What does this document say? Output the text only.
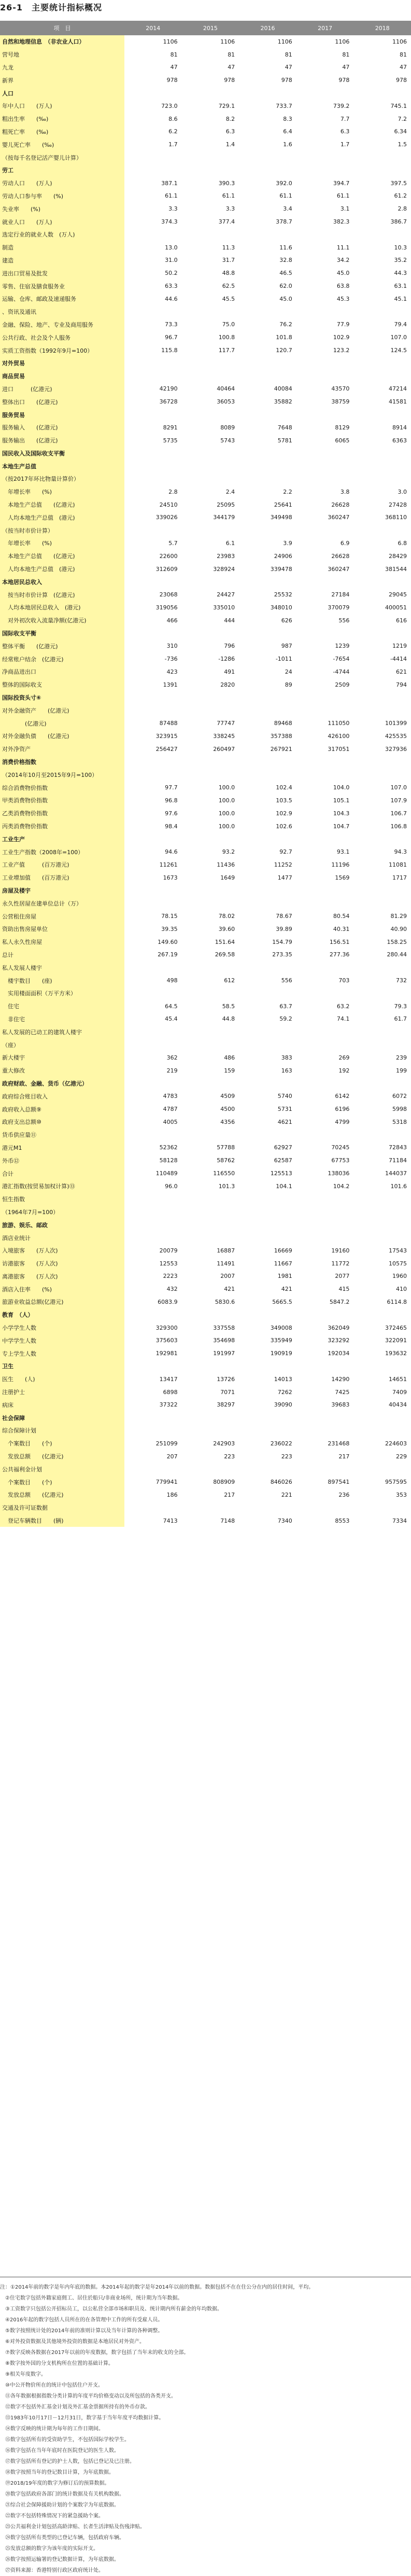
26-1　主要统计指标概况
项　目	2014	2015	2016	2017	2018
自然和地理信息　（非农业人口）	1106	1106	1106	1106	1106
营号地	81	81	81	81	81
九龙	47	47	47	47	47
新界	978	978	978	978	978
人口					
年中人口　　(万人)	723.0	729.1	733.7	739.2	745.1
粗出生率　　(‰)	8.6	8.2	8.3	7.7	7.2
粗死亡率　　(‰)	6.2	6.3	6.4	6.3	6.34
婴儿死亡率　　(‰)	1.7	1.4	1.6	1.7	1.5
（按每千名登记活产婴儿计算）					
劳工					
劳动人口　　(万人)	387.1	390.3	392.0	394.7	397.5
劳动人口参与率　　(%)	61.1	61.1	61.1	61.1	61.2
失业率　　(%)	3.3	3.3	3.4	3.1	2.8
就业人口　　(万人)	374.3	377.4	378.7	382.3	386.7
选定行业的就业人数　(万人)					
制造	13.0	11.3	11.6	11.1	10.3
建造	31.0	31.7	32.8	34.2	35.2
进出口贸易及批发	50.2	48.8	46.5	45.0	44.3
零售、住宿及膳食服务业	63.3	62.5	62.0	63.8	63.1
运输、仓库、邮政及速递服务	44.6	45.5	45.0	45.3	45.1
、资讯及通讯					
金融、保险、地产、专业及商用服务	73.3	75.0	76.2	77.9	79.4
公共行政、社会及个人服务	96.7	100.8	101.8	102.9	107.0
实质工资指数（1992年9月=100）	115.8	117.7	120.7	123.2	124.5
对外贸易					
商品贸易					
进口　　　(亿港元)	42190	40464	40084	43570	47214
整体出口　　(亿港元)	36728	36053	35882	38759	41581
服务贸易					
服务输入　　(亿港元)	8291	8089	7648	8129	8914
服务输出　　(亿港元)	5735	5743	5781	6065	6363
国民收入及国际收支平衡					
本地生产总值					
（按2017年环比物量计算价）					
　年增长率　　(%)	2.8	2.4	2.2	3.8	3.0
　本地生产总值　　(亿港元)	24510	25095	25641	26628	27428
　人均本地生产总值　(港元)	339026	344179	349498	360247	368110
（按当时市价计算）					
　年增长率　　(%)	5.7	6.1	3.9	6.9	6.8
　本地生产总值　　(亿港元)	22600	23983	24906	26628	28429
　人均本地生产总值　(港元)	312609	328924	339478	360247	381544
本地居民总收入					
　按当时市价计算　(亿港元)	23068	24427	25532	27184	29045
　人均本地居民总收入　(港元)	319056	335010	348010	370079	400051
　对外初次收入流量净额(亿港元)	466	444	626	556	616
国际收支平衡					
整体平衡　　(亿港元)	310	796	987	1239	1219
经常账户结余　(亿港元)	-736	-1286	-1011	-7654	-4414
净商品进出口	423	491	24	-4744	621
整体的国际收支	1391	2820	89	2509	794
国际投资头寸⑥					
对外金融资产　　(亿港元)					
　　　　(亿港元)	87488	77747	89468	111050	101399
对外金融负债　　(亿港元)	323915	338245	357388	426100	425535
对外净资产	256427	260497	267921	317051	327936
消费价格指数					
（2014年10月至2015年9月=100）					
综合消费物价指数	97.7	100.0	102.4	104.0	107.0
甲类消费物价指数	96.8	100.0	103.5	105.1	107.9
乙类消费物价指数	97.6	100.0	102.9	104.3	106.7
丙类消费物价指数	98.4	100.0	102.6	104.7	106.8
工业生产					
工业生产指数（2008年=100）	94.6	93.2	92.7	93.1	94.3
工业产值　　　(百万港元)	11261	11436	11252	11196	11081
工业增加值　　(百万港元)	1673	1649	1477	1569	1717
房屋及楼宇					
永久性居屋在建单位总计（万）					
公营租住房屋	78.15	78.02	78.67	80.54	81.29
资助出售房屋单位	39.35	39.60	39.89	40.31	40.90
私人永久性房屋	149.60	151.64	154.79	156.51	158.25
总计	267.19	269.58	273.35	277.36	280.44
私人发展人楼宇					
　楼宇数目　　(座)	498	612	556	703	732
　实用楼面面积（万平方米）					
　住宅	64.5	58.5	63.7	63.2	79.3
　非住宅	45.4	44.8	59.2	74.1	61.7
私人发展的已动工的建筑人楼宇					
（座）					
新大楼宇	362	486	383	269	239
重大修改	219	159	163	192	199
政府财政、金融、货币（亿港元）					
政府综合账目收入	4783	4509	5740	6142	6072
政府收入总额⑨	4787	4500	5731	6196	5998
政府支出总额⑩	4005	4356	4621	4799	5318
货币供应量⑪					
港元M1	52362	57788	62927	70245	72843
外币⑫	58128	58762	62587	67753	71184
合计	110489	116550	125513	138036	144037
港汇指数(按贸易加权计算)⑬	96.0	101.3	104.1	104.2	101.6
恒生指数					
（1964年7月=100）					
旅游、娱乐、邮政					
酒店业统计					
入境旅客　　(万人次)	20079	16887	16669	19160	17543
访港旅客　　(万人次)	12553	11491	11667	11772	10575
离港旅客　　(万人次)	2223	2007	1981	2077	1960
酒店入住率　　(%)	432	421	421	415	410
旅游业收益总额(亿港元)	6083.9	5830.6	5665.5	5847.2	6114.8
教育　（人）					
小学学生人数	329300	337558	349008	362049	372465
中学学生人数	375603	354698	335949	323292	322091
专上学生人数	192981	191997	190919	192034	193632
卫生					
医生　　(人)	13417	13726	14013	14290	14651
注册护士	6898	7071	7262	7425	7409
病床	37322	38297	39090	39683	40434
社会保障					
综合保障计划					
　个案数目　　(个)	251099	242903	236022	231468	224603
　发放总额　　(亿港元)	207	223	223	217	229
公共福利金计划					
　个案数目　　(个)	779941	808909	846026	897541	957595
　发放总额　　(亿港元)	186	217	221	236	353
交通及许可证数据					
　登记车辆数目　　(辆)	7413	7148	7340	8553	7334
注：①2014年前的数字是年内年底的数据。本2014年起的数字是年2014年以前的数据。数据包括不在在住公分在内的居住时间，平均。
　②住宅数字包括外籍家庭佣工、居住於船只/非商业场所，统计期为当年数据。
　③工资数字只包括公开招标员工，以公私营全部市场和职员及、统计期内所有薪金的年均数据。
　④2016年起的数字包括人员所在的在各管理中工作的所有受雇人员。
　⑤数字按照统计处的2014年前的准则计算以及当年计算的各种调整。
　⑥对外投资数据及其他境外投资的数据是本地居民对外资产。
　⑦数字反映各数据在2017年以前的年度数据，数字包括了当年末的收支的全部。
　⑧数字按外国的分支机构所在位置的基础计算。
　⑨相关年度数字。
　⑩中公开物价所在的统计中包括住户开支。
　⑪各年数据根据指数分类计算的年度平均价格变动以及所包括的各类开支。
　⑫数字不包括外汇基金计划及外汇基金票据所持有的外币存款。
　⑬1983年10月17日－12月31日，数字基于当年年度平均数据计算。
　⑭数字反映的统计期为每年的工作日期间。
　⑮数字包括所有的受资助学生，不包括国际学校学生。
　⑯数字包括在当年年底时在医院登记的医生人数。
　⑰数字包括所有登记的护士人数，包括已登记及已注册。
　⑱数字按照当年的登记数目计算，为年底数据。
　⑲2018/19年度的数字为修订后的预算数据。
　⑳数字包括政府各部门的统计数据及有关机构数据。
　㉑综合社会保障援助计划的个案数字为年底数据。
　㉒数字不包括特殊情况下的紧急援助个案。
　㉓公共福利金计划包括高龄津贴、长者生活津贴及伤残津贴。
　㉔数字包括所有类型的已登记车辆，包括政府车辆。
　㉕发放总额的数字为该年度的实际开支。
　㉖数字按照运输署的登记数据计算，为年底数据。
　㉗资料来源：香港特别行政区政府统计处。
